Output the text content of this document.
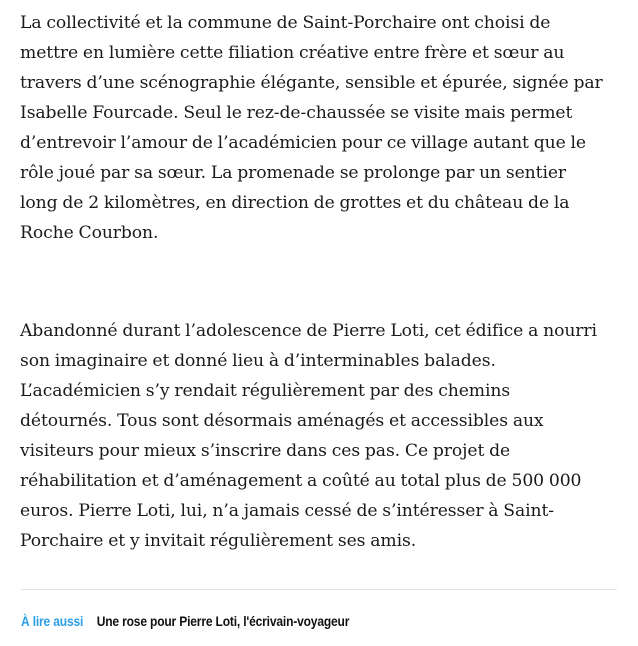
La collectivité et la commune de Saint-Porchaire ont choisi de
mettre en lumière cette filiation créative entre frère et sœur au
travers d’une scénographie élégante, sensible et épurée, signée par
Isabelle Fourcade. Seul le rez-de-chaussée se visite mais permet
d’entrevoir l’amour de l’académicien pour ce village autant que le
rôle joué par sa sœur. La promenade se prolonge par un sentier
long de 2 kilomètres, en direction de grottes et du château de la
Roche Courbon.

Abandonné durant l’adolescence de Pierre Loti, cet édifice a nourri
son imaginaire et donné lieu à d’interminables balades.
L’académicien s’y rendait régulièrement par des chemins
détournés. Tous sont désormais aménagés et accessibles aux
visiteurs pour mieux s’inscrire dans ces pas. Ce projet de
réhabilitation et d’aménagement a coûté au total plus de 500 000
euros. Pierre Loti, lui, n’a jamais cessé de s’intéresser à Saint-
Porchaire et y invitait régulièrement ses amis.

À lire aussi Une rose pour Pierre Loti, l'écrivain-voyageur
